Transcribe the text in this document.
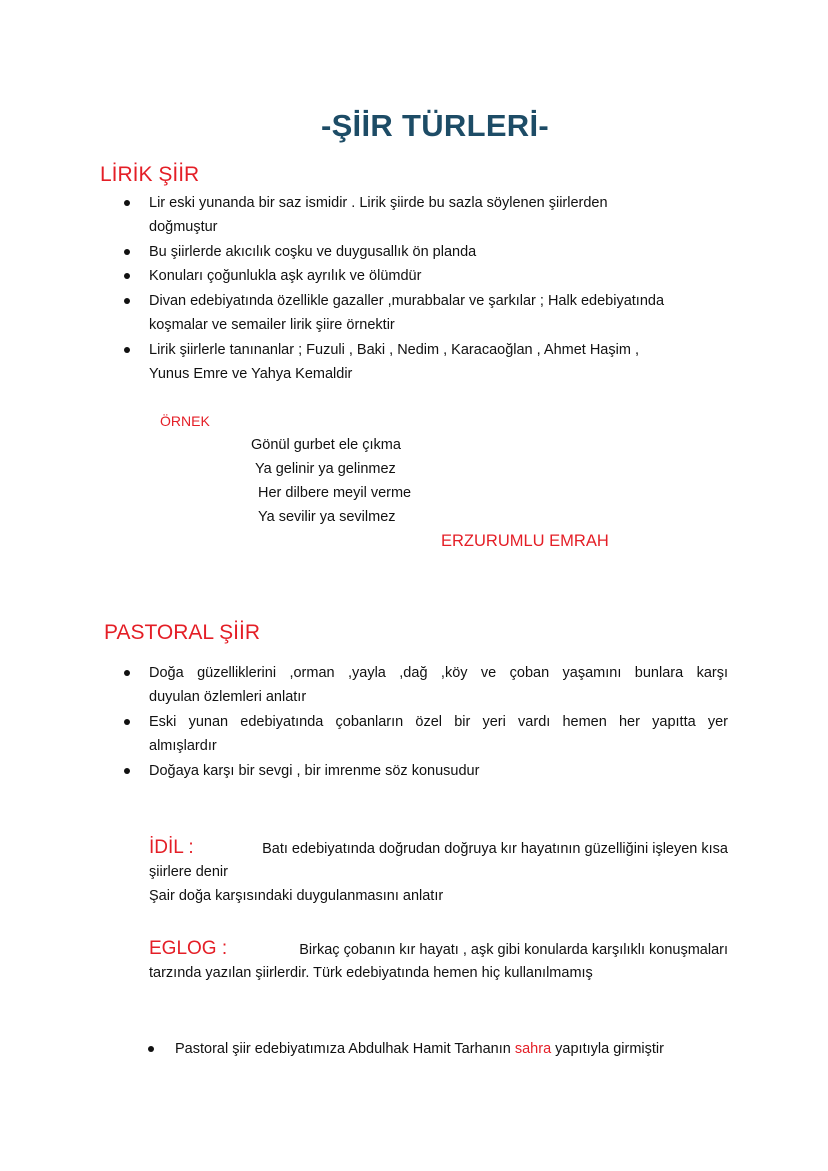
-ŞİİR TÜRLERİ-
LİRİK ŞİİR
Lir eski yunanda bir saz ismidir . Lirik şiirde bu sazla söylenen şiirlerden
doğmuştur
Bu şiirlerde akıcılık coşku ve duygusallık ön planda
Konuları çoğunlukla aşk ayrılık ve ölümdür
Divan edebiyatında özellikle gazaller ,murabbalar ve şarkılar ; Halk edebiyatında
koşmalar ve semailer lirik şiire örnektir
Lirik şiirlerle tanınanlar ; Fuzuli , Baki , Nedim , Karacaoğlan , Ahmet Haşim ,
Yunus Emre ve Yahya Kemaldir
ÖRNEK
Gönül gurbet ele çıkma
Ya gelinir ya gelinmez
Her dilbere meyil verme
Ya sevilir ya sevilmez
ERZURUMLU EMRAH
PASTORAL ŞİİR
Doğa güzelliklerini ,orman ,yayla ,dağ ,köy ve çoban yaşamını bunlara karşı
duyulan özlemleri anlatır
Eski yunan edebiyatında çobanların özel bir yeri vardı hemen her yapıtta yer
almışlardır
Doğaya karşı bir sevgi , bir imrenme söz konusudur
İDİL :	Batı edebiyatında doğrudan doğruya kır hayatının güzelliğini işleyen kısa
şiirlere denir
Şair doğa karşısındaki duygulanmasını anlatır
EGLOG :	Birkaç çobanın kır hayatı , aşk gibi konularda karşılıklı konuşmaları
tarzında yazılan şiirlerdir. Türk edebiyatında hemen hiç kullanılmamış
Pastoral şiir edebiyatımıza Abdulhak Hamit Tarhanın sahra yapıtıyla girmiştir
